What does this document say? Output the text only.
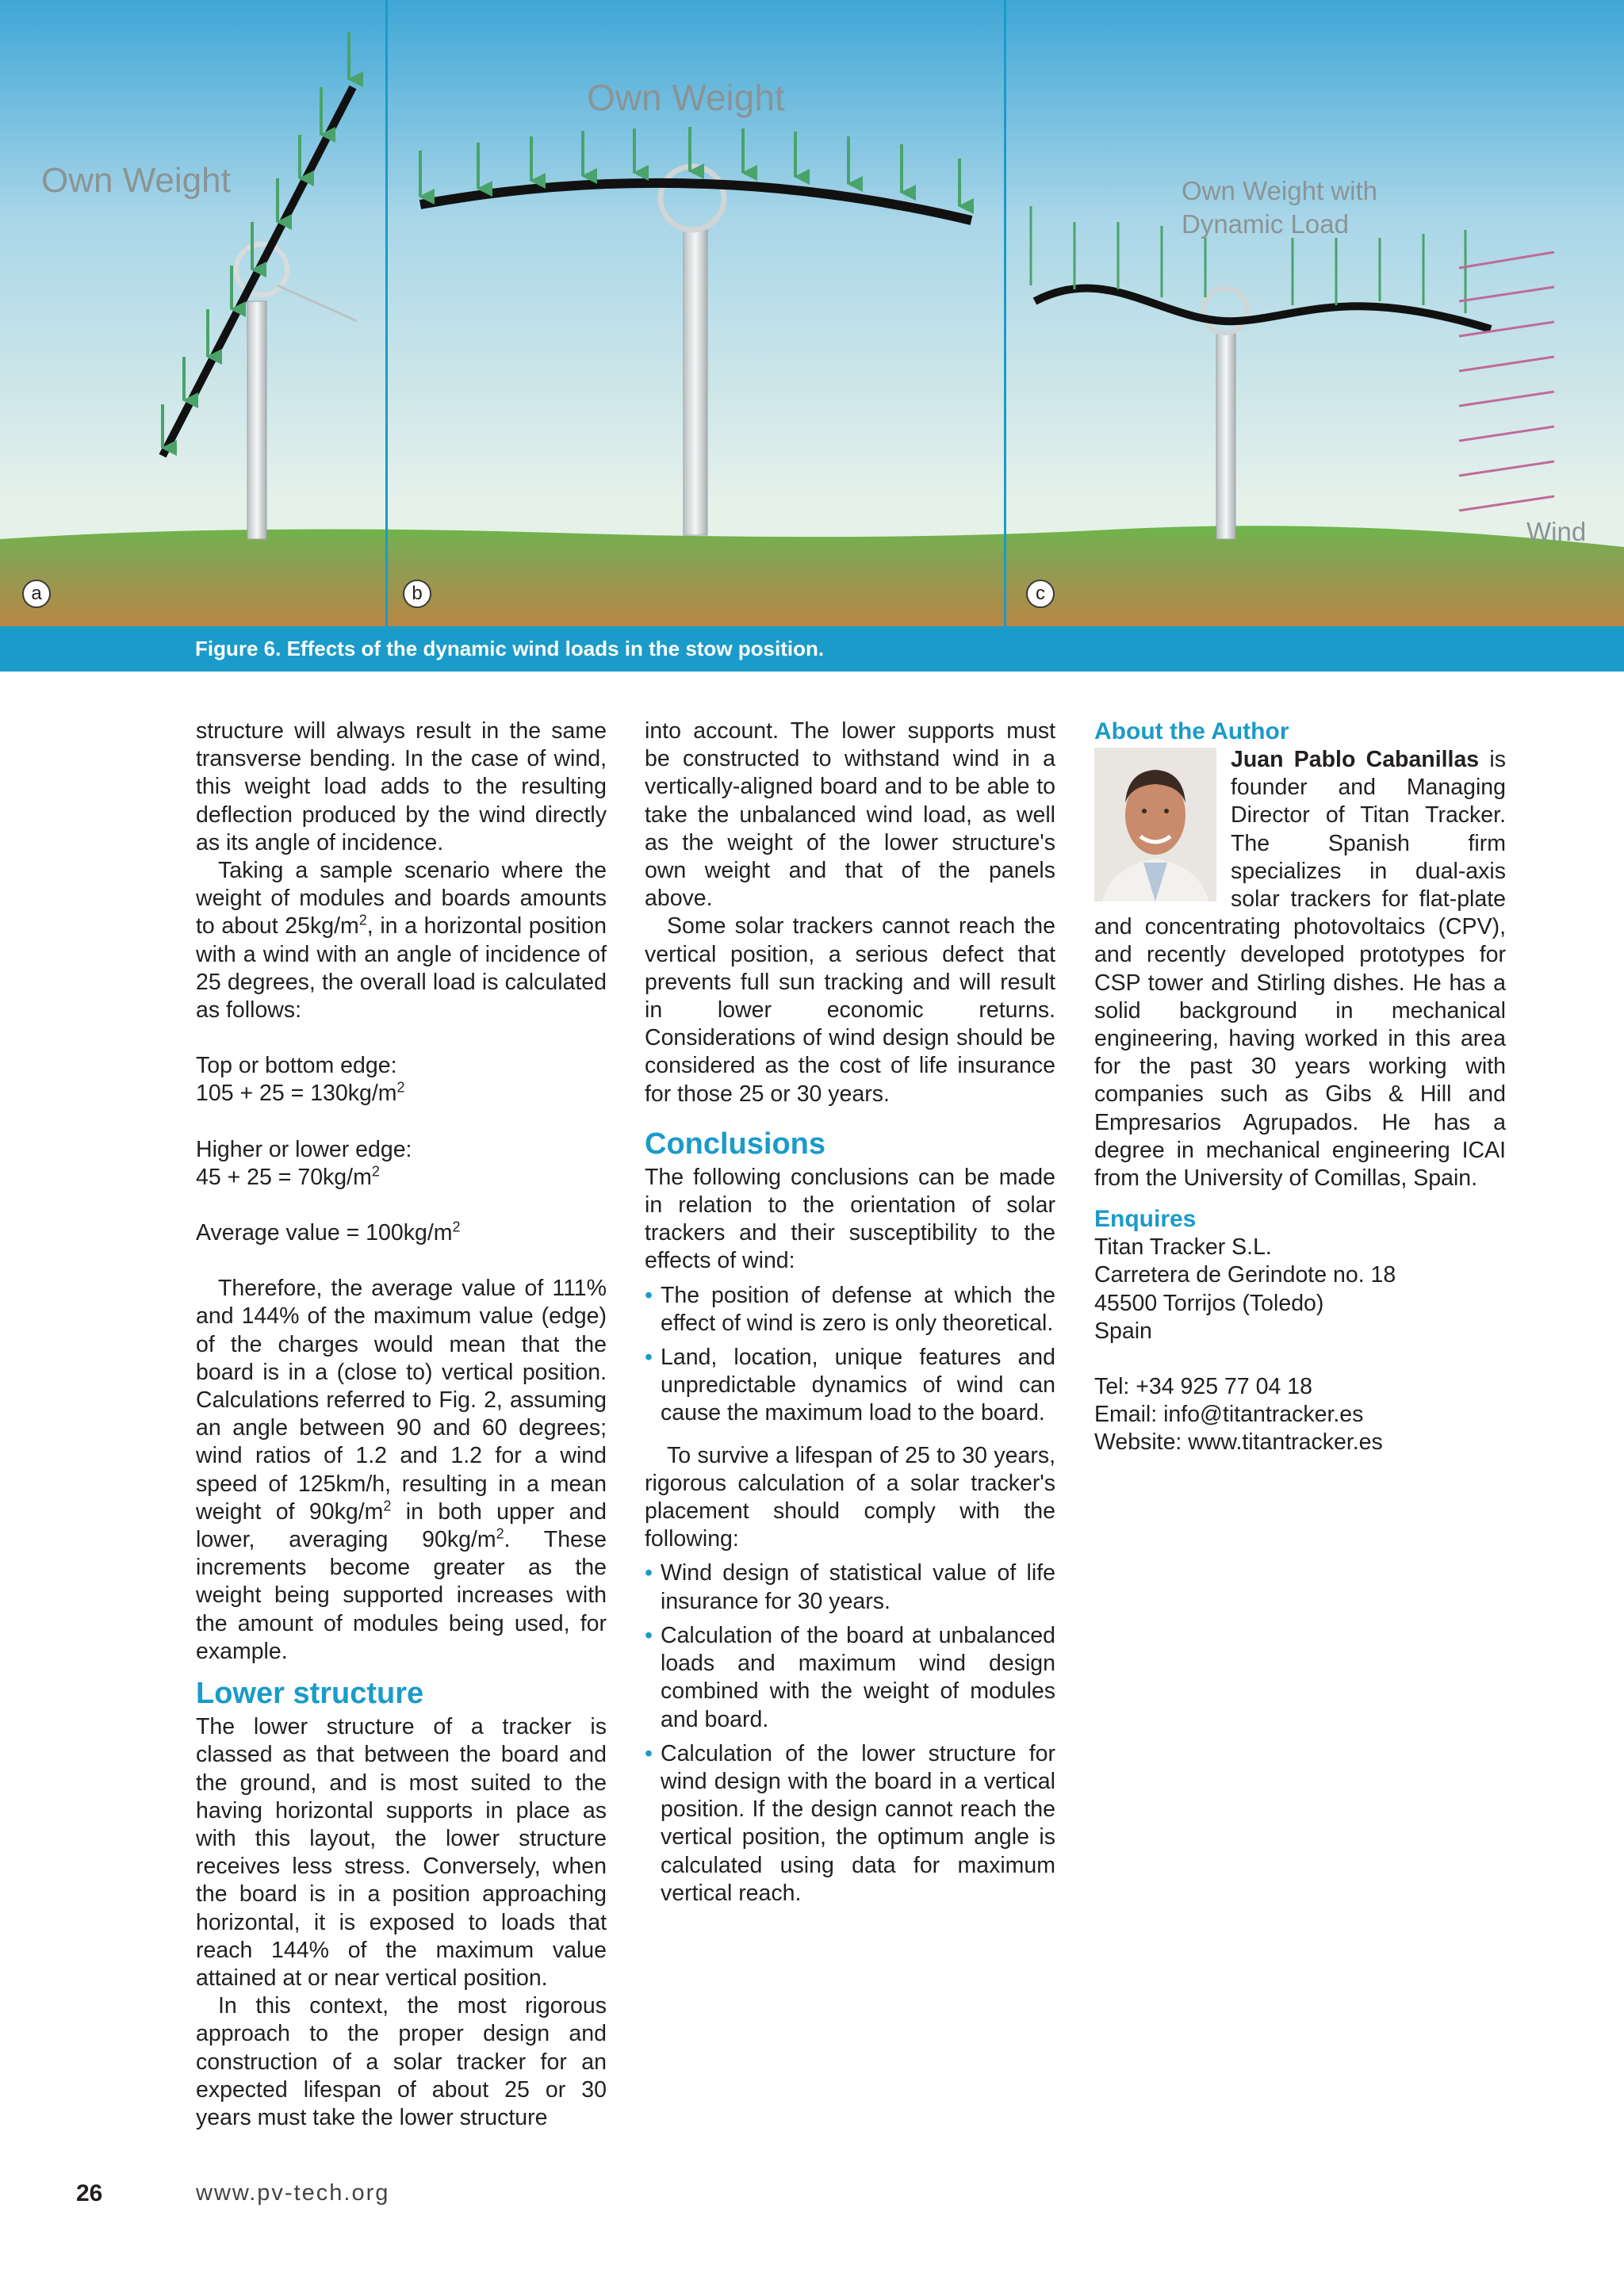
Own Weight
Own Weight
Own Weight with
Dynamic Load
Wind
a	b	c
Figure 6. Effects of the dynamic wind loads in the stow position.

structure will always result in the same transverse bending. In the case of wind, this weight load adds to the resulting deflection produced by the wind directly as its angle of incidence.

Taking a sample scenario where the weight of modules and boards amounts to about $25kg/m^2$, in a horizontal position with a wind with an angle of incidence of 25 degrees, the overall load is calculated as follows:

Top or bottom edge:

$105 + 25 = 130kg/m^2$

Higher or lower edge:

$45 + 25 = 70kg/m^2$

Average value = $100kg/m^2$

Therefore, the average value of 111% and 144% of the maximum value (edge) of the charges would mean that the board is in a (close to) vertical position. Calculations referred to Fig. 2, assuming an angle between 90 and 60 degrees; wind ratios of 1.2 and 1.2 for a wind speed of 125km/h, resulting in a mean weight of $90kg/m^2$ in both upper and lower, averaging $90kg/m^2$. These increments become greater as the weight being supported increases with the amount of modules being used, for example.

Lower structure

The lower structure of a tracker is classed as that between the board and the ground, and is most suited to the having horizontal supports in place as with this layout, the lower structure receives less stress. Conversely, when the board is in a position approaching horizontal, it is exposed to loads that reach 144% of the maximum value attained at or near vertical position.

In this context, the most rigorous approach to the proper design and construction of a solar tracker for an expected lifespan of about 25 or 30 years must take the lower structure

into account. The lower supports must be constructed to withstand wind in a vertically-aligned board and to be able to take the unbalanced wind load, as well as the weight of the lower structure's own weight and that of the panels above.

Some solar trackers cannot reach the vertical position, a serious defect that prevents full sun tracking and will result in lower economic returns. Considerations of wind design should be considered as the cost of life insurance for those 25 or 30 years.

Conclusions

The following conclusions can be made in relation to the orientation of solar trackers and their susceptibility to the effects of wind:

• The position of defense at which the effect of wind is zero is only theoretical.
• Land, location, unique features and unpredictable dynamics of wind can cause the maximum load to the board.

To survive a lifespan of 25 to 30 years, rigorous calculation of a solar tracker's placement should comply with the following:

• Wind design of statistical value of life insurance for 30 years.
• Calculation of the board at unbalanced loads and maximum wind design combined with the weight of modules and board.
• Calculation of the lower structure for wind design with the board in a vertical position. If the design cannot reach the vertical position, the optimum angle is calculated using data for maximum vertical reach.
About the Author

Juan Pablo Cabanillas is founder and Managing Director of Titan Tracker. The Spanish firm specializes in dual-axis solar trackers for flat-plate and concentrating photovoltaics (CPV), and recently developed prototypes for CSP tower and Stirling dishes. He has a solid background in mechanical engineering, having worked in this area for the past 30 years working with companies such as Gibs & Hill and Empresarios Agrupados. He has a degree in mechanical engineering ICAI from the University of Comillas, Spain.

Enquires

Titan Tracker S.L.

Carretera de Gerindote no. 18

45500 Torrijos (Toledo)

Spain

Tel: +34 925 77 04 18

Email: info@titantracker.es

Website: www.titantracker.es

26	www.pv-tech.org
